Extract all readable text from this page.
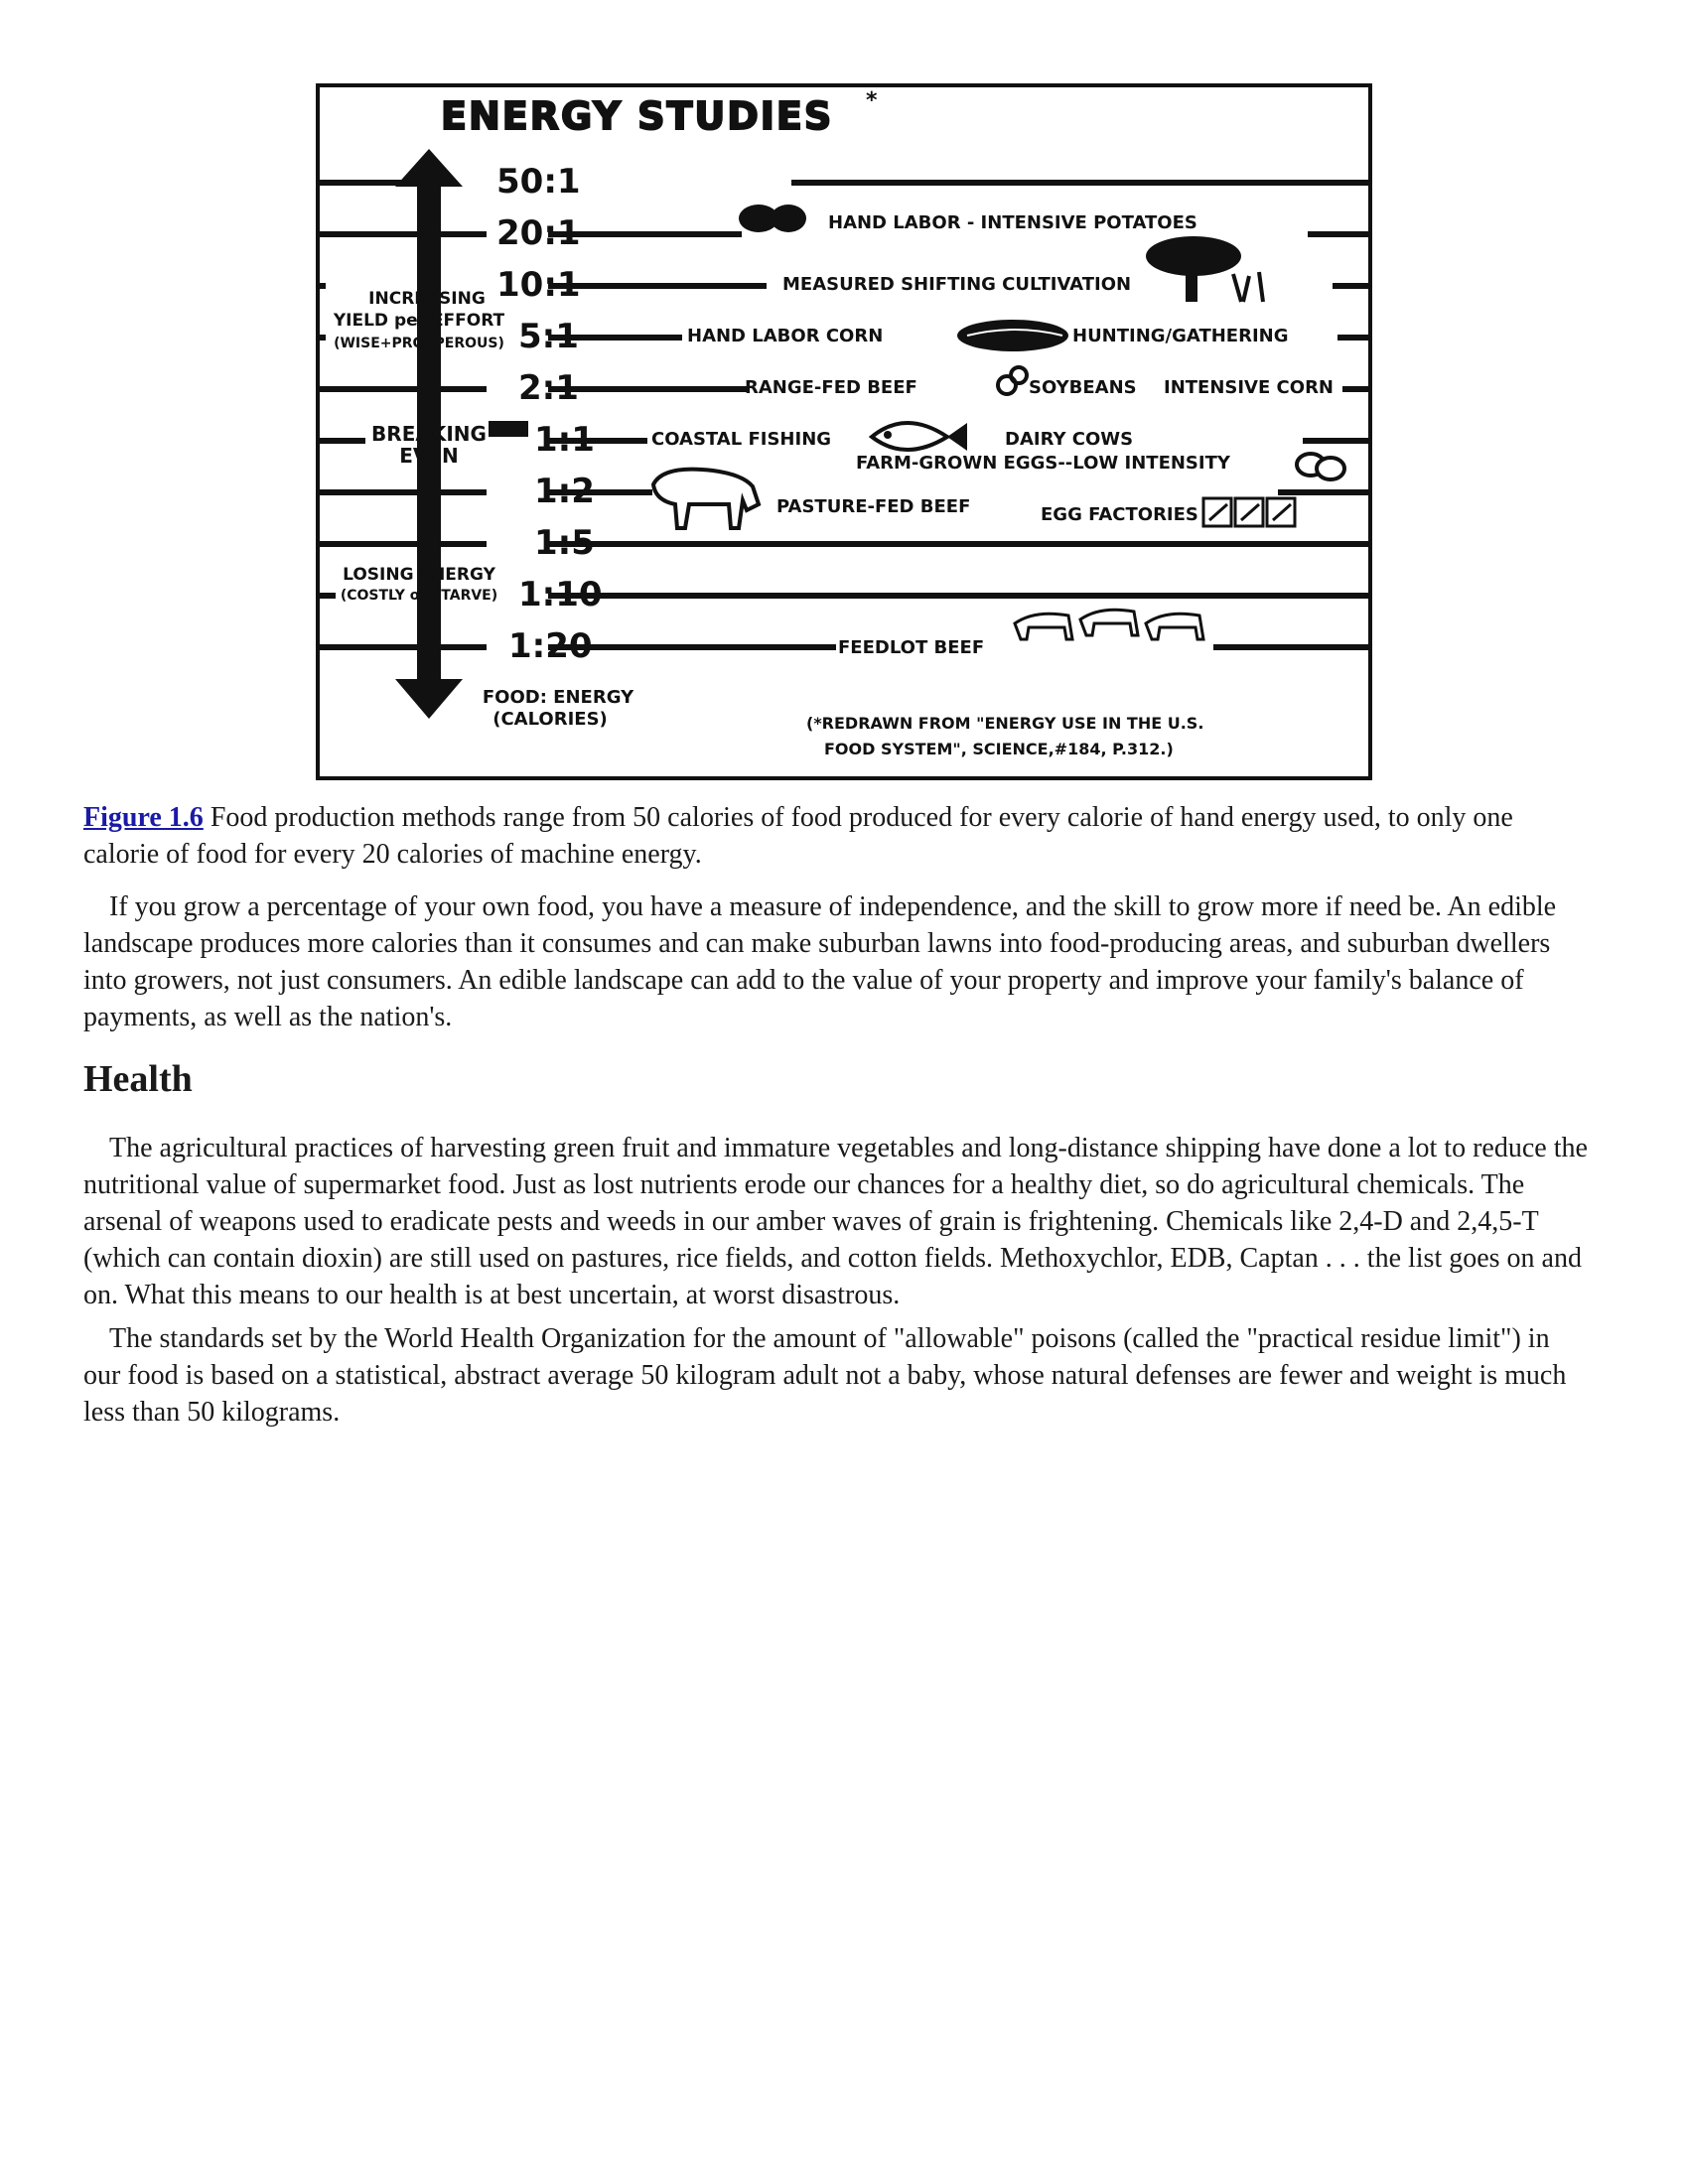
ENERGY STUDIES *
50:1
20:1
10:1
5:1
2:1
1:1
1:2
1:5
1:10
1:20
INCREASING
YIELD per EFFORT
(WISE+PROSPEROUS)
BREAKING
EVEN
LOSING ENERGY
(COSTLY or STARVE)
FOOD: ENERGY
(CALORIES)
HAND LABOR - INTENSIVE POTATOES
MEASURED SHIFTING CULTIVATION
HAND LABOR CORN	HUNTING/GATHERING
RANGE-FED BEEF	SOYBEANS INTENSIVE CORN
COASTAL FISHING	DAIRY COWS
FARM-GROWN EGGS--LOW INTENSITY
PASTURE-FED BEEF	EGG FACTORIES
FEEDLOT BEEF
(*REDRAWN FROM "ENERGY USE IN THE U.S.
FOOD SYSTEM", SCIENCE,#184, P.312.)

Figure 1.6 Food production methods range from 50 calories of food produced for every calorie of hand energy used, to only one calorie of food for every 20 calories of machine energy.

If you grow a percentage of your own food, you have a measure of independence, and the skill to grow more if need be. An edible landscape produces more calories than it consumes and can make suburban lawns into food-producing areas, and suburban dwellers into growers, not just consumers. An edible landscape can add to the value of your property and improve your family's balance of payments, as well as the nation's.

Health

The agricultural practices of harvesting green fruit and immature vegetables and long-distance shipping have done a lot to reduce the nutritional value of supermarket food. Just as lost nutrients erode our chances for a healthy diet, so do agricultural chemicals. The arsenal of weapons used to eradicate pests and weeds in our amber waves of grain is frightening. Chemicals like 2,4-D and 2,4,5-T (which can contain dioxin) are still used on pastures, rice fields, and cotton fields. Methoxychlor, EDB, Captan . . . the list goes on and on. What this means to our health is at best uncertain, at worst disastrous.

The standards set by the World Health Organization for the amount of "allowable" poisons (called the "practical residue limit") in our food is based on a statistical, abstract average 50 kilogram adult not a baby, whose natural defenses are fewer and weight is much less than 50 kilograms.
